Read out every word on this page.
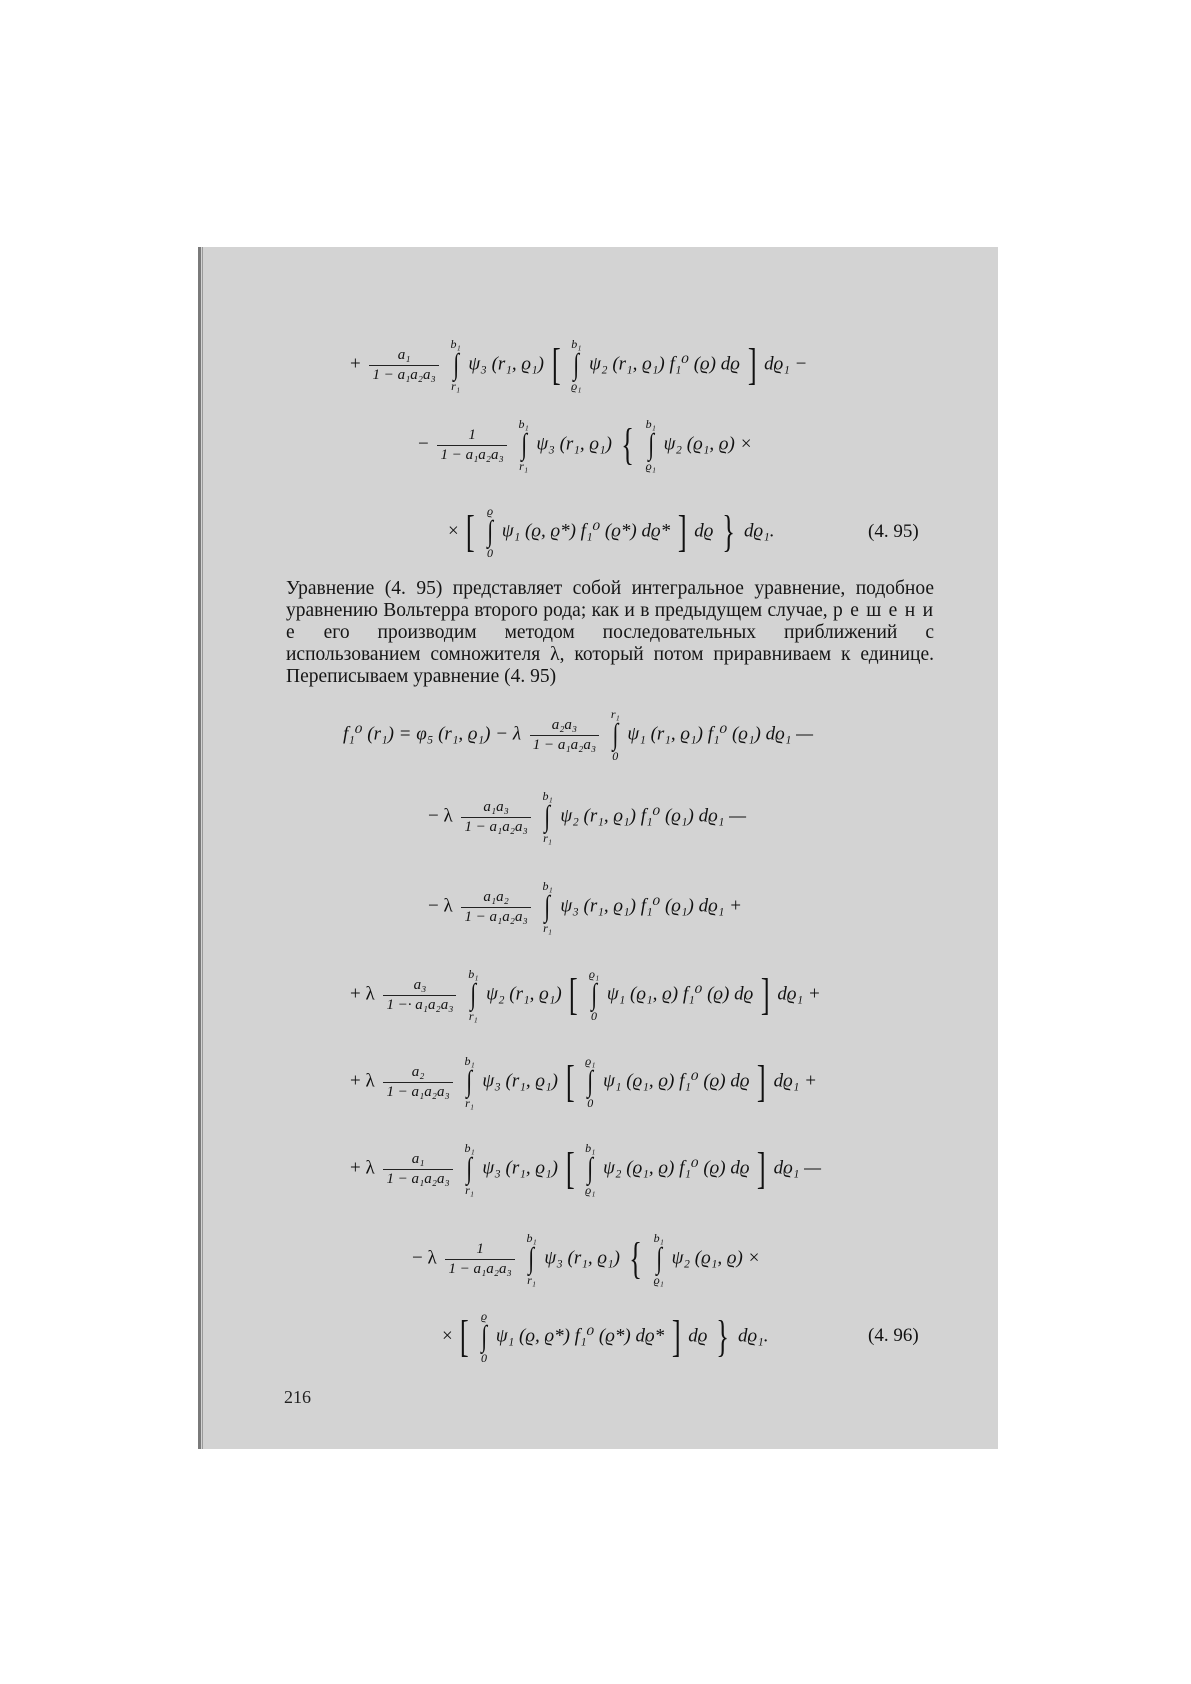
+ $\frac{\text{a₁}}{\text{1 − a₁a₂a₃}}$

b₁
∫
r₁
ψ₃ (r₁, ϱ₁) [ b₁
∫
ϱ₁
ψ₂ (r₁, ϱ₁) f₁⁰ (ϱ) dϱ ] dϱ₁ −
− $\frac{1}{\text{1 − a₁a₂a₃}}$

b₁
∫
r₁
ψ₃ (r₁, ϱ₁) { b₁
∫
ϱ₁
ψ₂ (ϱ₁, ϱ) ×
× [ ϱ
∫
0
ψ₁ (ϱ, ϱ*) f₁⁰ (ϱ*) dϱ* ] dϱ } dϱ₁.	(4. 95)
Уравнение (4. 95) представляет собой интегральное уравнение, подобное уравнению Вольтерра второго рода; как и в предыдущем случае, р е ш е н и е его производим методом последовательных приближений с использованием сомножителя λ, который потом приравниваем к единице. Переписываем уравнение (4. 95)
f₁⁰ (r₁) = φ₅ (r₁, ϱ₁) − λ $\frac{\text{a₂a₃}}{\text{1 − a₁a₂a₃}}$

r₁
∫
0
ψ₁ (r₁, ϱ₁) f₁⁰ (ϱ₁) dϱ₁ —
− λ $\frac{\text{a₁a₃}}{\text{1 − a₁a₂a₃}}$

b₁
∫
r₁
ψ₂ (r₁, ϱ₁) f₁⁰ (ϱ₁) dϱ₁ —
− λ $\frac{\text{a₁a₂}}{\text{1 − a₁a₂a₃}}$

b₁
∫
r₁
ψ₃ (r₁, ϱ₁) f₁⁰ (ϱ₁) dϱ₁ +
+ λ $\frac{\text{a₃}}{\text{1 −· a₁a₂a₃}}$

b₁
∫
r₁
ψ₂ (r₁, ϱ₁) [ ϱ₁
∫
0
ψ₁ (ϱ₁, ϱ) f₁⁰ (ϱ) dϱ ] dϱ₁ +
+ λ $\frac{\text{a₂}}{\text{1 − a₁a₂a₃}}$

b₁
∫
r₁
ψ₃ (r₁, ϱ₁) [ ϱ₁
∫
0
ψ₁ (ϱ₁, ϱ) f₁⁰ (ϱ) dϱ ] dϱ₁ +
+ λ $\frac{\text{a₁}}{\text{1 − a₁a₂a₃}}$

b₁
∫
r₁
ψ₃ (r₁, ϱ₁) [ b₁
∫
ϱ₁
ψ₂ (ϱ₁, ϱ) f₁⁰ (ϱ) dϱ ] dϱ₁ —
− λ $\frac{1}{\text{1 − a₁a₂a₃}}$

b₁
∫
r₁
ψ₃ (r₁, ϱ₁) { b₁
∫
ϱ₁
ψ₂ (ϱ₁, ϱ) ×
× [ ϱ
∫
0
ψ₁ (ϱ, ϱ*) f₁⁰ (ϱ*) dϱ* ] dϱ } dϱ₁.	(4. 96)
216
